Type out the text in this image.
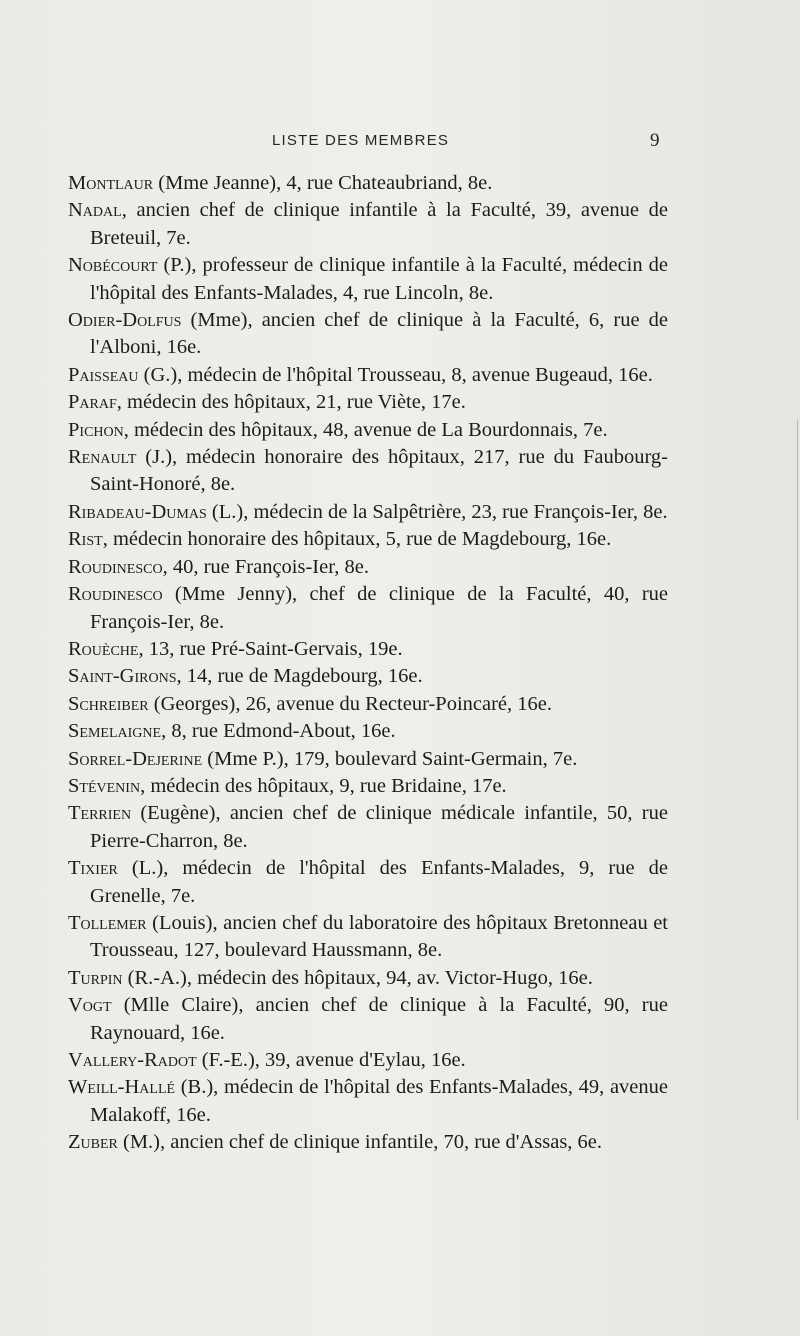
LISTE DES MEMBRES	9
Montlaur (Mme Jeanne), 4, rue Chateaubriand, 8e.
Nadal, ancien chef de clinique infantile à la Faculté, 39, avenue de Breteuil, 7e.
Nobécourt (P.), professeur de clinique infantile à la Faculté, médecin de l'hôpital des Enfants-Malades, 4, rue Lincoln, 8e.
Odier-Dolfus (Mme), ancien chef de clinique à la Faculté, 6, rue de l'Alboni, 16e.
Paisseau (G.), médecin de l'hôpital Trousseau, 8, avenue Bugeaud, 16e.
Paraf, médecin des hôpitaux, 21, rue Viète, 17e.
Pichon, médecin des hôpitaux, 48, avenue de La Bourdonnais, 7e.
Renault (J.), médecin honoraire des hôpitaux, 217, rue du Faubourg-Saint-Honoré, 8e.
Ribadeau-Dumas (L.), médecin de la Salpêtrière, 23, rue François-Ier, 8e.
Rist, médecin honoraire des hôpitaux, 5, rue de Magdebourg, 16e.
Roudinesco, 40, rue François-Ier, 8e.
Roudinesco (Mme Jenny), chef de clinique de la Faculté, 40, rue François-Ier, 8e.
Rouèche, 13, rue Pré-Saint-Gervais, 19e.
Saint-Girons, 14, rue de Magdebourg, 16e.
Schreiber (Georges), 26, avenue du Recteur-Poincaré, 16e.
Semelaigne, 8, rue Edmond-About, 16e.
Sorrel-Dejerine (Mme P.), 179, boulevard Saint-Germain, 7e.
Stévenin, médecin des hôpitaux, 9, rue Bridaine, 17e.
Terrien (Eugène), ancien chef de clinique médicale infantile, 50, rue Pierre-Charron, 8e.
Tixier (L.), médecin de l'hôpital des Enfants-Malades, 9, rue de Grenelle, 7e.
Tollemer (Louis), ancien chef du laboratoire des hôpitaux Bretonneau et Trousseau, 127, boulevard Haussmann, 8e.
Turpin (R.-A.), médecin des hôpitaux, 94, av. Victor-Hugo, 16e.
Vogt (Mlle Claire), ancien chef de clinique à la Faculté, 90, rue Raynouard, 16e.
Vallery-Radot (F.-E.), 39, avenue d'Eylau, 16e.
Weill-Hallé (B.), médecin de l'hôpital des Enfants-Malades, 49, avenue Malakoff, 16e.
Zuber (M.), ancien chef de clinique infantile, 70, rue d'Assas, 6e.
